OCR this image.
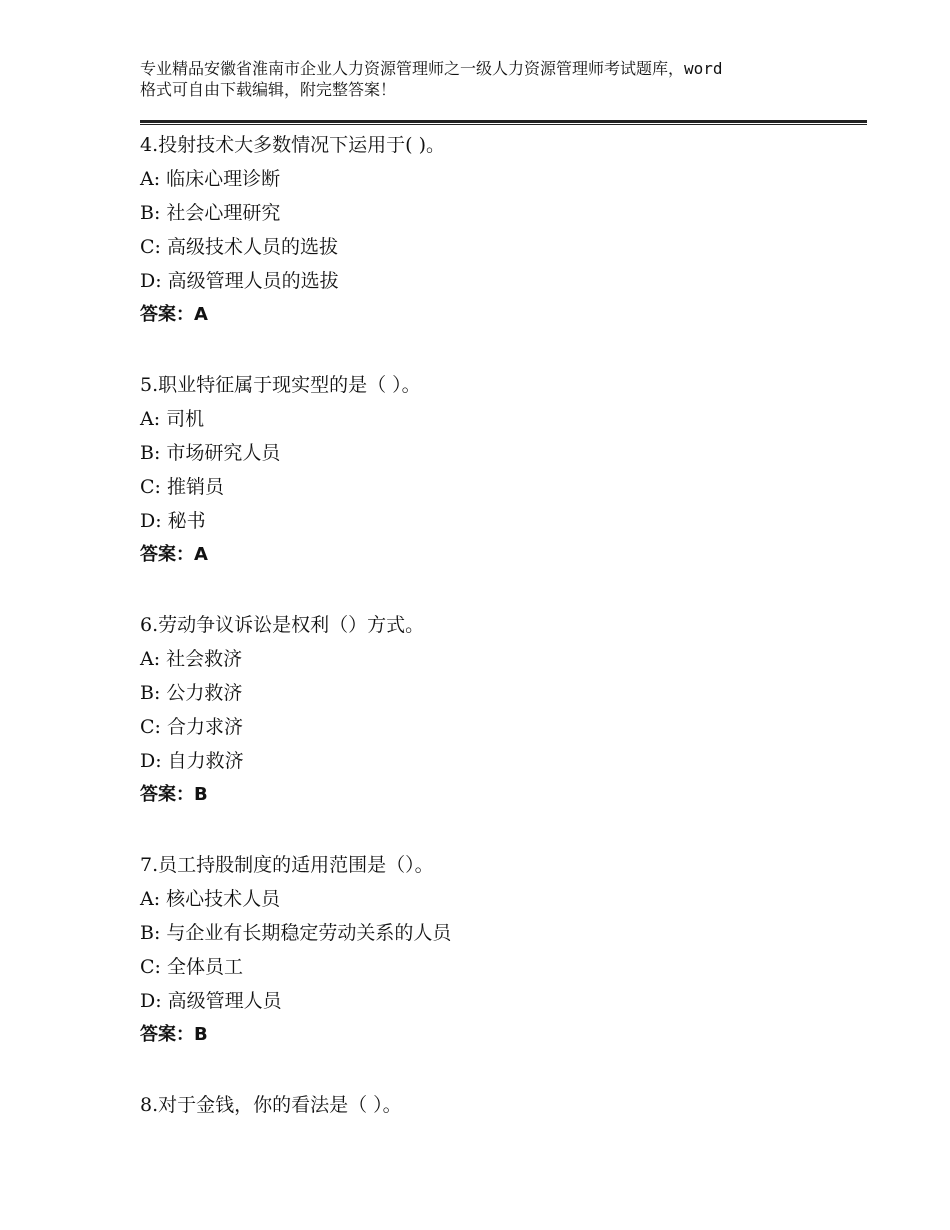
专业精品安徽省淮南市企业人力资源管理师之一级人力资源管理师考试题库，word
格式可自由下载编辑，附完整答案！
4.投射技术大多数情况下运用于( )。
A: 临床心理诊断
B: 社会心理研究
C: 高级技术人员的选拔
D: 高级管理人员的选拔
答案：A
5.职业特征属于现实型的是（ ）。
A: 司机
B: 市场研究人员
C: 推销员
D: 秘书
答案：A
6.劳动争议诉讼是权利（）方式。
A: 社会救济
B: 公力救济
C: 合力求济
D: 自力救济
答案：B
7.员工持股制度的适用范围是（）。
A: 核心技术人员
B: 与企业有长期稳定劳动关系的人员
C: 全体员工
D: 高级管理人员
答案：B
8.对于金钱，你的看法是（ ）。
